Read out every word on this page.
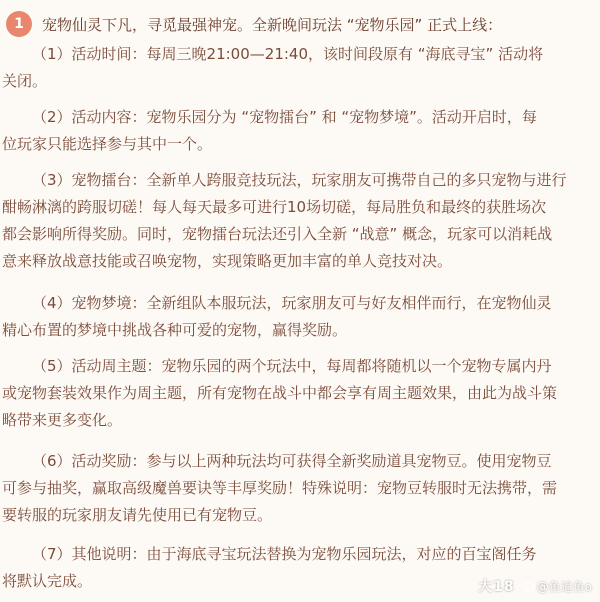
1	宠物仙灵下凡，寻觅最强神宠。全新晚间玩法 “宠物乐园” 正式上线：
（1）活动时间：每周三晚21:00—21:40，该时间段原有 “海底寻宝” 活动将
关闭。
（2）活动内容：宠物乐园分为 “宠物擂台” 和 “宠物梦境”。活动开启时，每
位玩家只能选择参与其中一个。
（3）宠物擂台：全新单人跨服竞技玩法，玩家朋友可携带自己的多只宠物与进行
酣畅淋漓的跨服切磋！每人每天最多可进行10场切磋，每局胜负和最终的获胜场次
都会影响所得奖励。同时，宠物擂台玩法还引入全新 “战意” 概念，玩家可以消耗战
意来释放战意技能或召唤宠物，实现策略更加丰富的单人竞技对决。
（4）宠物梦境：全新组队本服玩法，玩家朋友可与好友相伴而行，在宠物仙灵
精心布置的梦境中挑战各种可爱的宠物，赢得奖励。
（5）活动周主题：宠物乐园的两个玩法中，每周都将随机以一个宠物专属内丹
或宠物套装效果作为周主题，所有宠物在战斗中都会享有周主题效果，由此为战斗策
略带来更多变化。
（6）活动奖励：参与以上两种玩法均可获得全新奖励道具宠物豆。使用宠物豆
可参与抽奖，赢取高级魔兽要诀等丰厚奖励！特殊说明：宠物豆转服时无法携带，需
要转服的玩家朋友请先使用已有宠物豆。
（7）其他说明：由于海底寻宝玩法替换为宠物乐园玩法，对应的百宝阁任务
将默认完成。	大18 @鱼追鱼o
